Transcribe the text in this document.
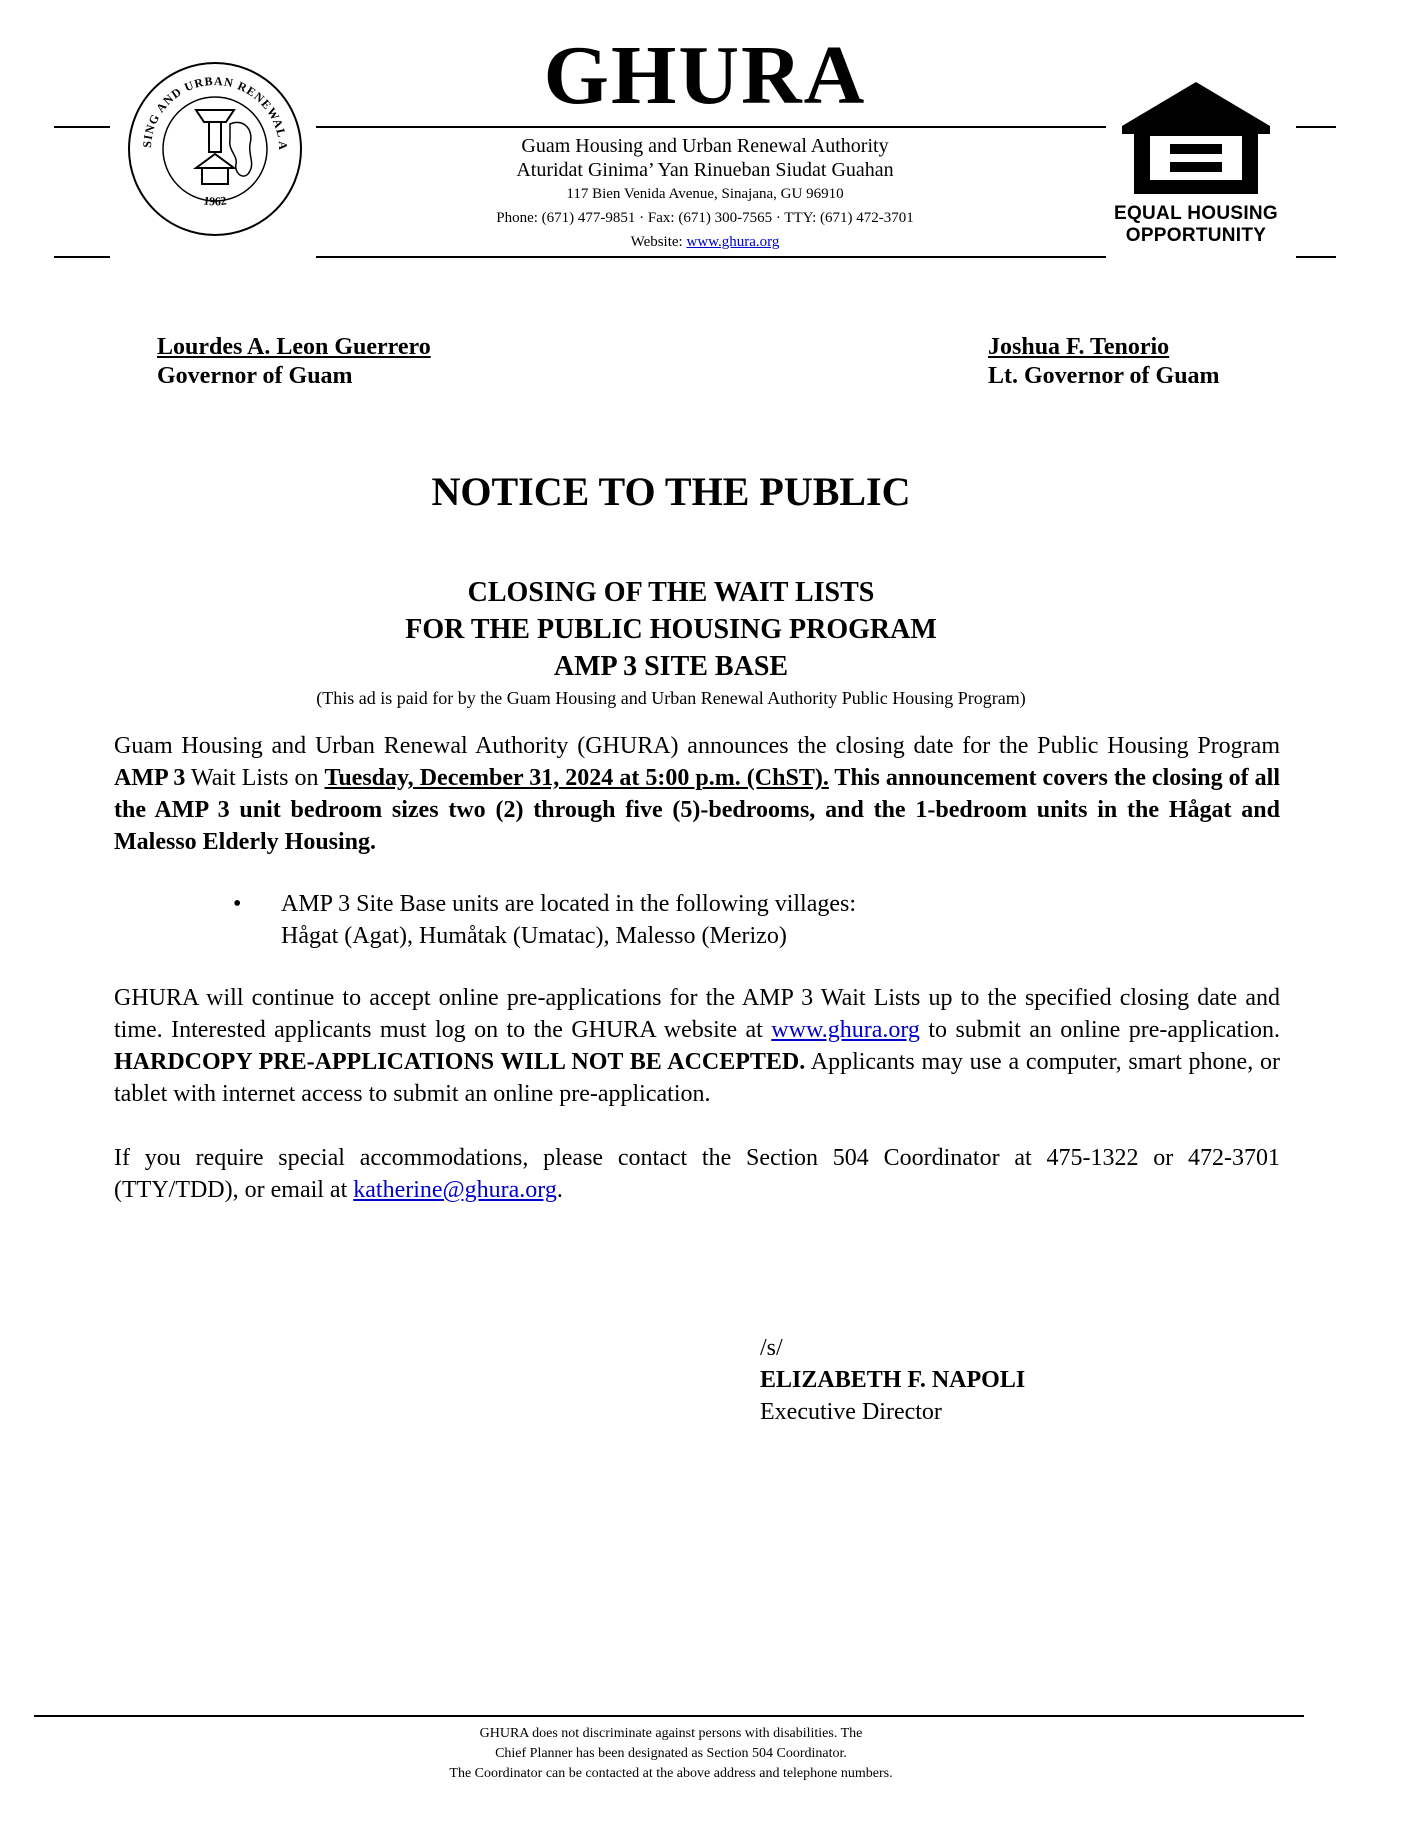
SING AND URBAN RENEWAL A
1962
GHURA
Guam Housing and Urban Renewal Authority
Aturidat Ginima’ Yan Rinueban Siudat Guahan
117 Bien Venida Avenue, Sinajana, GU 96910
Phone: (671) 477-9851 · Fax: (671) 300-7565 · TTY: (671) 472-3701
Website: www.ghura.org
EQUAL HOUSING
OPPORTUNITY
Lourdes A. Leon Guerrero
Governor of Guam
Joshua F. Tenorio
Lt. Governor of Guam
NOTICE TO THE PUBLIC
CLOSING OF THE WAIT LISTS
FOR THE PUBLIC HOUSING PROGRAM
AMP 3 SITE BASE
(This ad is paid for by the Guam Housing and Urban Renewal Authority Public Housing Program)
Guam Housing and Urban Renewal Authority (GHURA) announces the closing date for the Public Housing Program AMP 3 Wait Lists on Tuesday, December 31, 2024 at 5:00 p.m. (ChST). This announcement covers the closing of all the AMP 3 unit bedroom sizes two (2) through five (5)-bedrooms, and the 1-bedroom units in the Hågat and Malesso Elderly Housing.
• AMP 3 Site Base units are located in the following villages:
Hågat (Agat), Humåtak (Umatac), Malesso (Merizo)
GHURA will continue to accept online pre-applications for the AMP 3 Wait Lists up to the specified closing date and time. Interested applicants must log on to the GHURA website at www.ghura.org to submit an online pre-application. HARDCOPY PRE-APPLICATIONS WILL NOT BE ACCEPTED. Applicants may use a computer, smart phone, or tablet with internet access to submit an online pre-application.
If you require special accommodations, please contact the Section 504 Coordinator at 475-1322 or 472-3701 (TTY/TDD), or email at katherine@ghura.org.
/s/
ELIZABETH F. NAPOLI
Executive Director
GHURA does not discriminate against persons with disabilities. The
Chief Planner has been designated as Section 504 Coordinator.
The Coordinator can be contacted at the above address and telephone numbers.
